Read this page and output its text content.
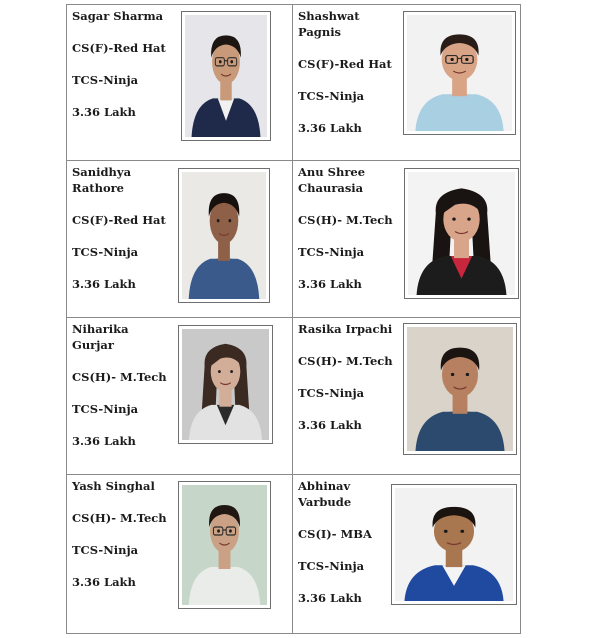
Sagar Sharma
CS(F)-Red Hat
TCS-Ninja
3.36 Lakh
Shashwat
Pagnis
CS(F)-Red Hat
TCS-Ninja
3.36 Lakh
Sanidhya
Rathore
CS(F)-Red Hat
TCS-Ninja
3.36 Lakh
Anu Shree
Chaurasia
CS(H)- M.Tech
TCS-Ninja
3.36 Lakh
Niharika
Gurjar
CS(H)- M.Tech
TCS-Ninja
3.36 Lakh
Rasika Irpachi
CS(H)- M.Tech
TCS-Ninja
3.36 Lakh
Yash Singhal
CS(H)- M.Tech
TCS-Ninja
3.36 Lakh
Abhinav
Varbude
CS(I)- MBA
TCS-Ninja
3.36 Lakh
